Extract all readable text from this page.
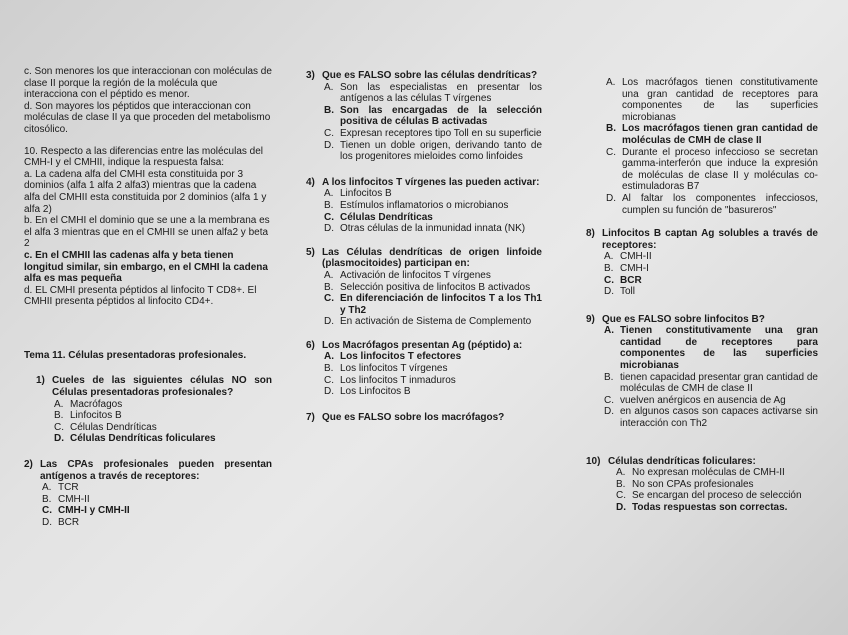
c. Son menores los que interaccionan con moléculas de clase II porque la región de la molécula que interacciona con el péptido es menor.

d. Son mayores los péptidos que interaccionan con moléculas de clase II ya que proceden del metabolismo citosólico.

10. Respecto a las diferencias entre las moléculas del CMH-I y el CMHII, indique la respuesta falsa:

a. La cadena alfa del CMHI esta constituida por 3 dominios (alfa 1 alfa 2 alfa3) mientras que la cadena alfa del CMHII esta constituida por 2 dominios (alfa 1 y alfa 2)

b. En el CMHI el dominio que se une a la membrana es el alfa 3 mientras que en el CMHII se unen alfa2 y beta 2

c. En el CMHII las cadenas alfa y beta tienen longitud similar, sin embargo, en el CMHI la cadena alfa es mas pequeña

d. EL CMHI presenta péptidos al linfocito T CD8+. El CMHII presenta péptidos al linfocito CD4+.

Tema 11. Células presentadoras profesionales.

1) Cueles de las siguientes células NO son Células presentadoras profesionales?
A. Macrófagos
B. Linfocitos B
C. Células Dendríticas
D. Células Dendríticas foliculares
2) Las CPAs profesionales pueden presentan antígenos a través de receptores:
A. TCR
B. CMH-II
C. CMH-I y CMH-II
D. BCR
3) Que es FALSO sobre las células dendríticas?
A. Son las especialistas en presentar los antígenos a las células T vírgenes
B. Son las encargadas de la selección positiva de células B activadas
C. Expresan receptores tipo Toll en su superficie
D. Tienen un doble origen, derivando tanto de los progenitores mieloides como linfoides
4) A los linfocitos T vírgenes las pueden activar:
A. Linfocitos B
B. Estímulos inflamatorios o microbianos
C. Células Dendríticas
D. Otras células de la inmunidad innata (NK)
5) Las Células dendríticas de origen linfoide (plasmocitoides) participan en:
A. Activación de linfocitos T vírgenes
B. Selección positiva de linfocitos B activados
C. En diferenciación de linfocitos T a los Th1 y Th2
D. En activación de Sistema de Complemento
6) Los Macrófagos presentan Ag (péptido) a:
A. Los linfocitos T efectores
B. Los linfocitos T vírgenes
C. Los linfocitos T inmaduros
D. Los Linfocitos B
7) Que es FALSO sobre los macrófagos?
A. Los macrófagos tienen constitutivamente una gran cantidad de receptores para componentes de las superficies microbianas
B. Los macrófagos tienen gran cantidad de moléculas de CMH de clase II
C. Durante el proceso infeccioso se secretan gamma-interferón que induce la expresión de moléculas de clase II y moléculas co-estimuladoras B7
D. Al faltar los componentes infecciosos, cumplen su función de "basureros"
8) Linfocitos B captan Ag solubles a través de receptores:
A. CMH-II
B. CMH-I
C. BCR
D. Toll
9) Que es FALSO sobre linfocitos B?
A. Tienen constitutivamente una gran cantidad de receptores para componentes de las superficies microbianas
B. tienen capacidad presentar gran cantidad de moléculas de CMH de clase II
C. vuelven anérgicos en ausencia de Ag
D. en algunos casos son capaces activarse sin interacción con Th2
10) Células dendríticas foliculares:
A. No expresan moléculas de CMH-II
B. No son CPAs profesionales
C. Se encargan del proceso de selección
D. Todas respuestas son correctas.
